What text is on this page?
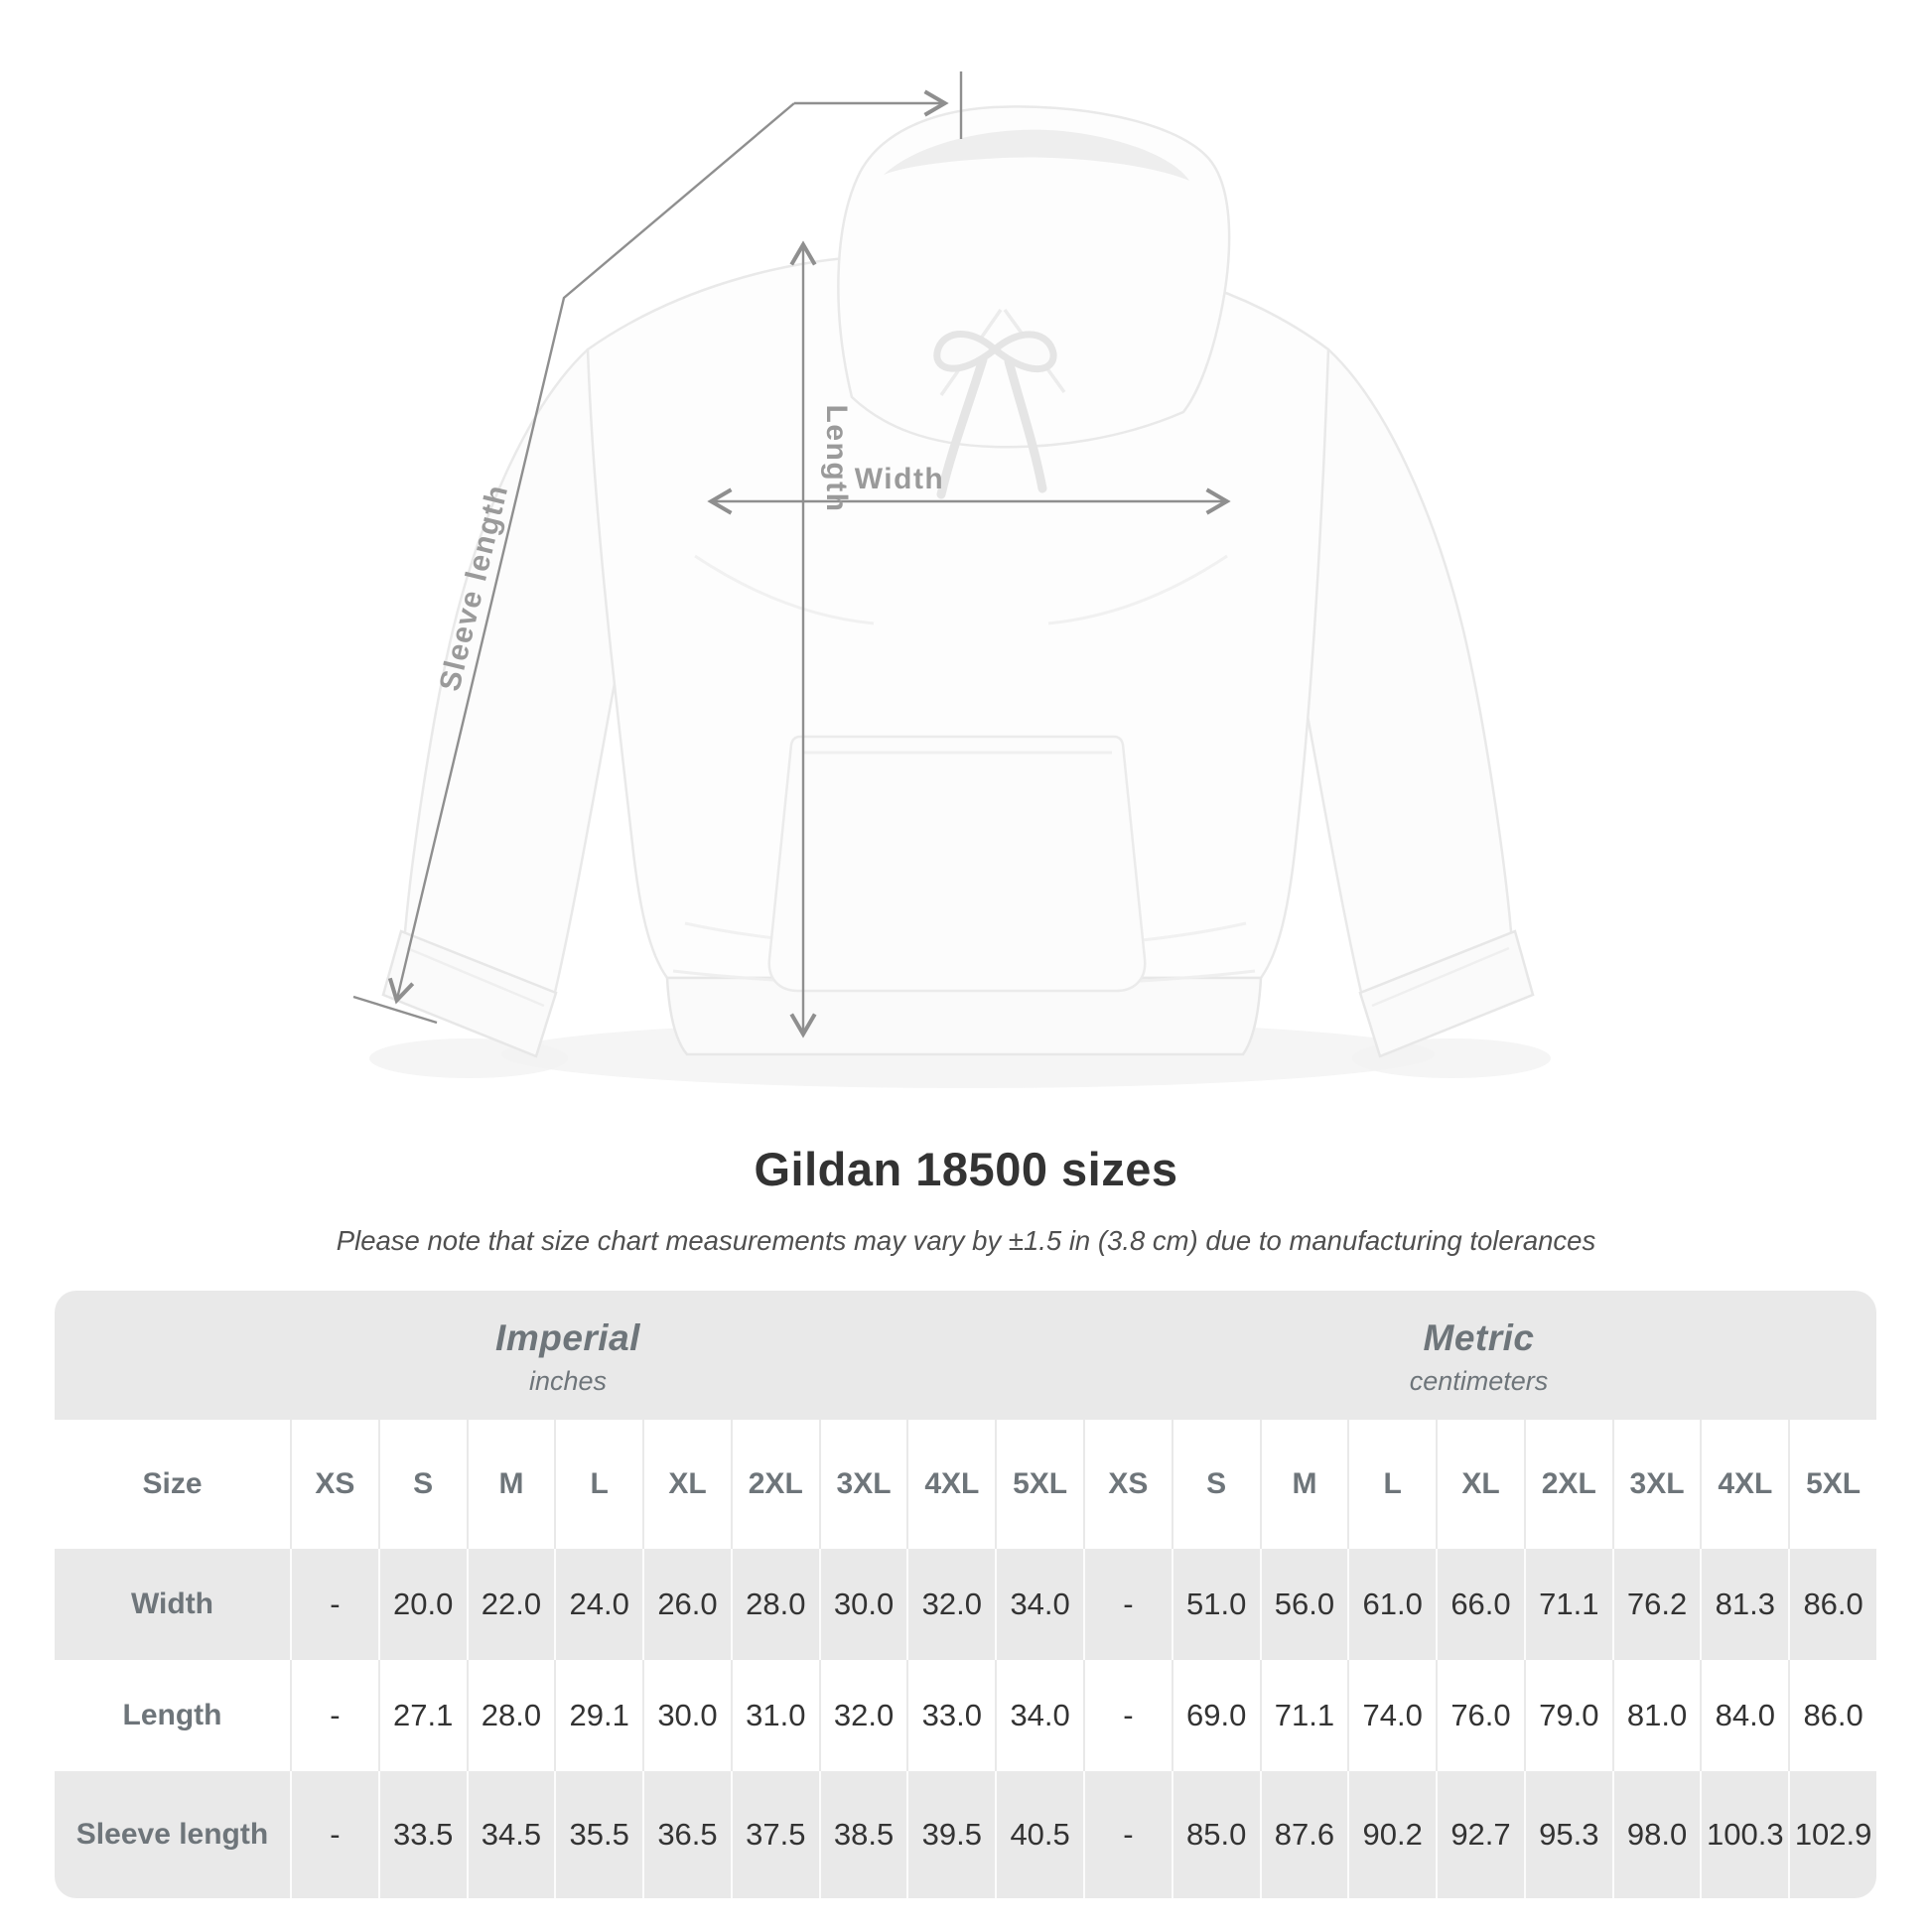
Sleeve length
Length Width
Gildan 18500 sizes

Please note that size chart measurements may vary by ±1.5 in (3.8 cm) due to manufacturing tolerances

Imperial
inches
Metric
centimeters
Size	XS	S	M	L	XL	2XL	3XL	4XL	5XL	XS	S	M	L	XL	2XL	3XL	4XL	5XL
Width	-	20.0 22.0 24.0 26.0 28.0 30.0 32.0 34.0	-	51.0 56.0 61.0 66.0 71.1 76.2 81.3 86.0
Length	-	27.1 28.0 29.1 30.0 31.0 32.0 33.0 34.0	-	69.0 71.1 74.0 76.0 79.0 81.0 84.0 86.0
Sleeve length	-	33.5 34.5 35.5 36.5 37.5 38.5 39.5 40.5	-	85.0 87.6 90.2 92.7 95.3 98.0 100.3 102.9
